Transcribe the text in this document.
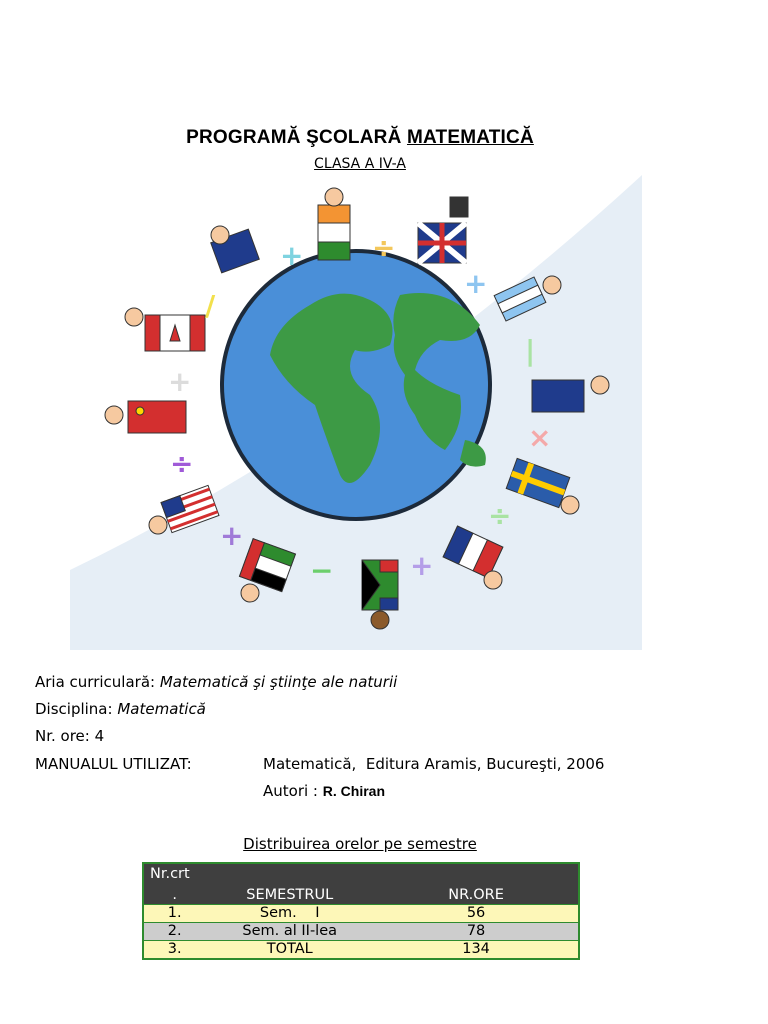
PROGRAMĂ ŞCOLARĂ MATEMATICĂ
CLASA A IV-A
+ ÷
+
/
|
+
×
÷
÷
+
−	+
Aria curriculară: Matematică şi ştiinţe ale naturii
Disciplina: Matematică
Nr. ore: 4
MANUALUL UTILIZAT:	Matematică,  Editura Aramis, Bucureşti, 2006
Autori : R. Chiran
Distribuirea orelor pe semestre
Nr.crt		
.	SEMESTRUL	NR.ORE
1.	Sem.    I	56
2.	Sem. al II-lea	78
3.	TOTAL	134
